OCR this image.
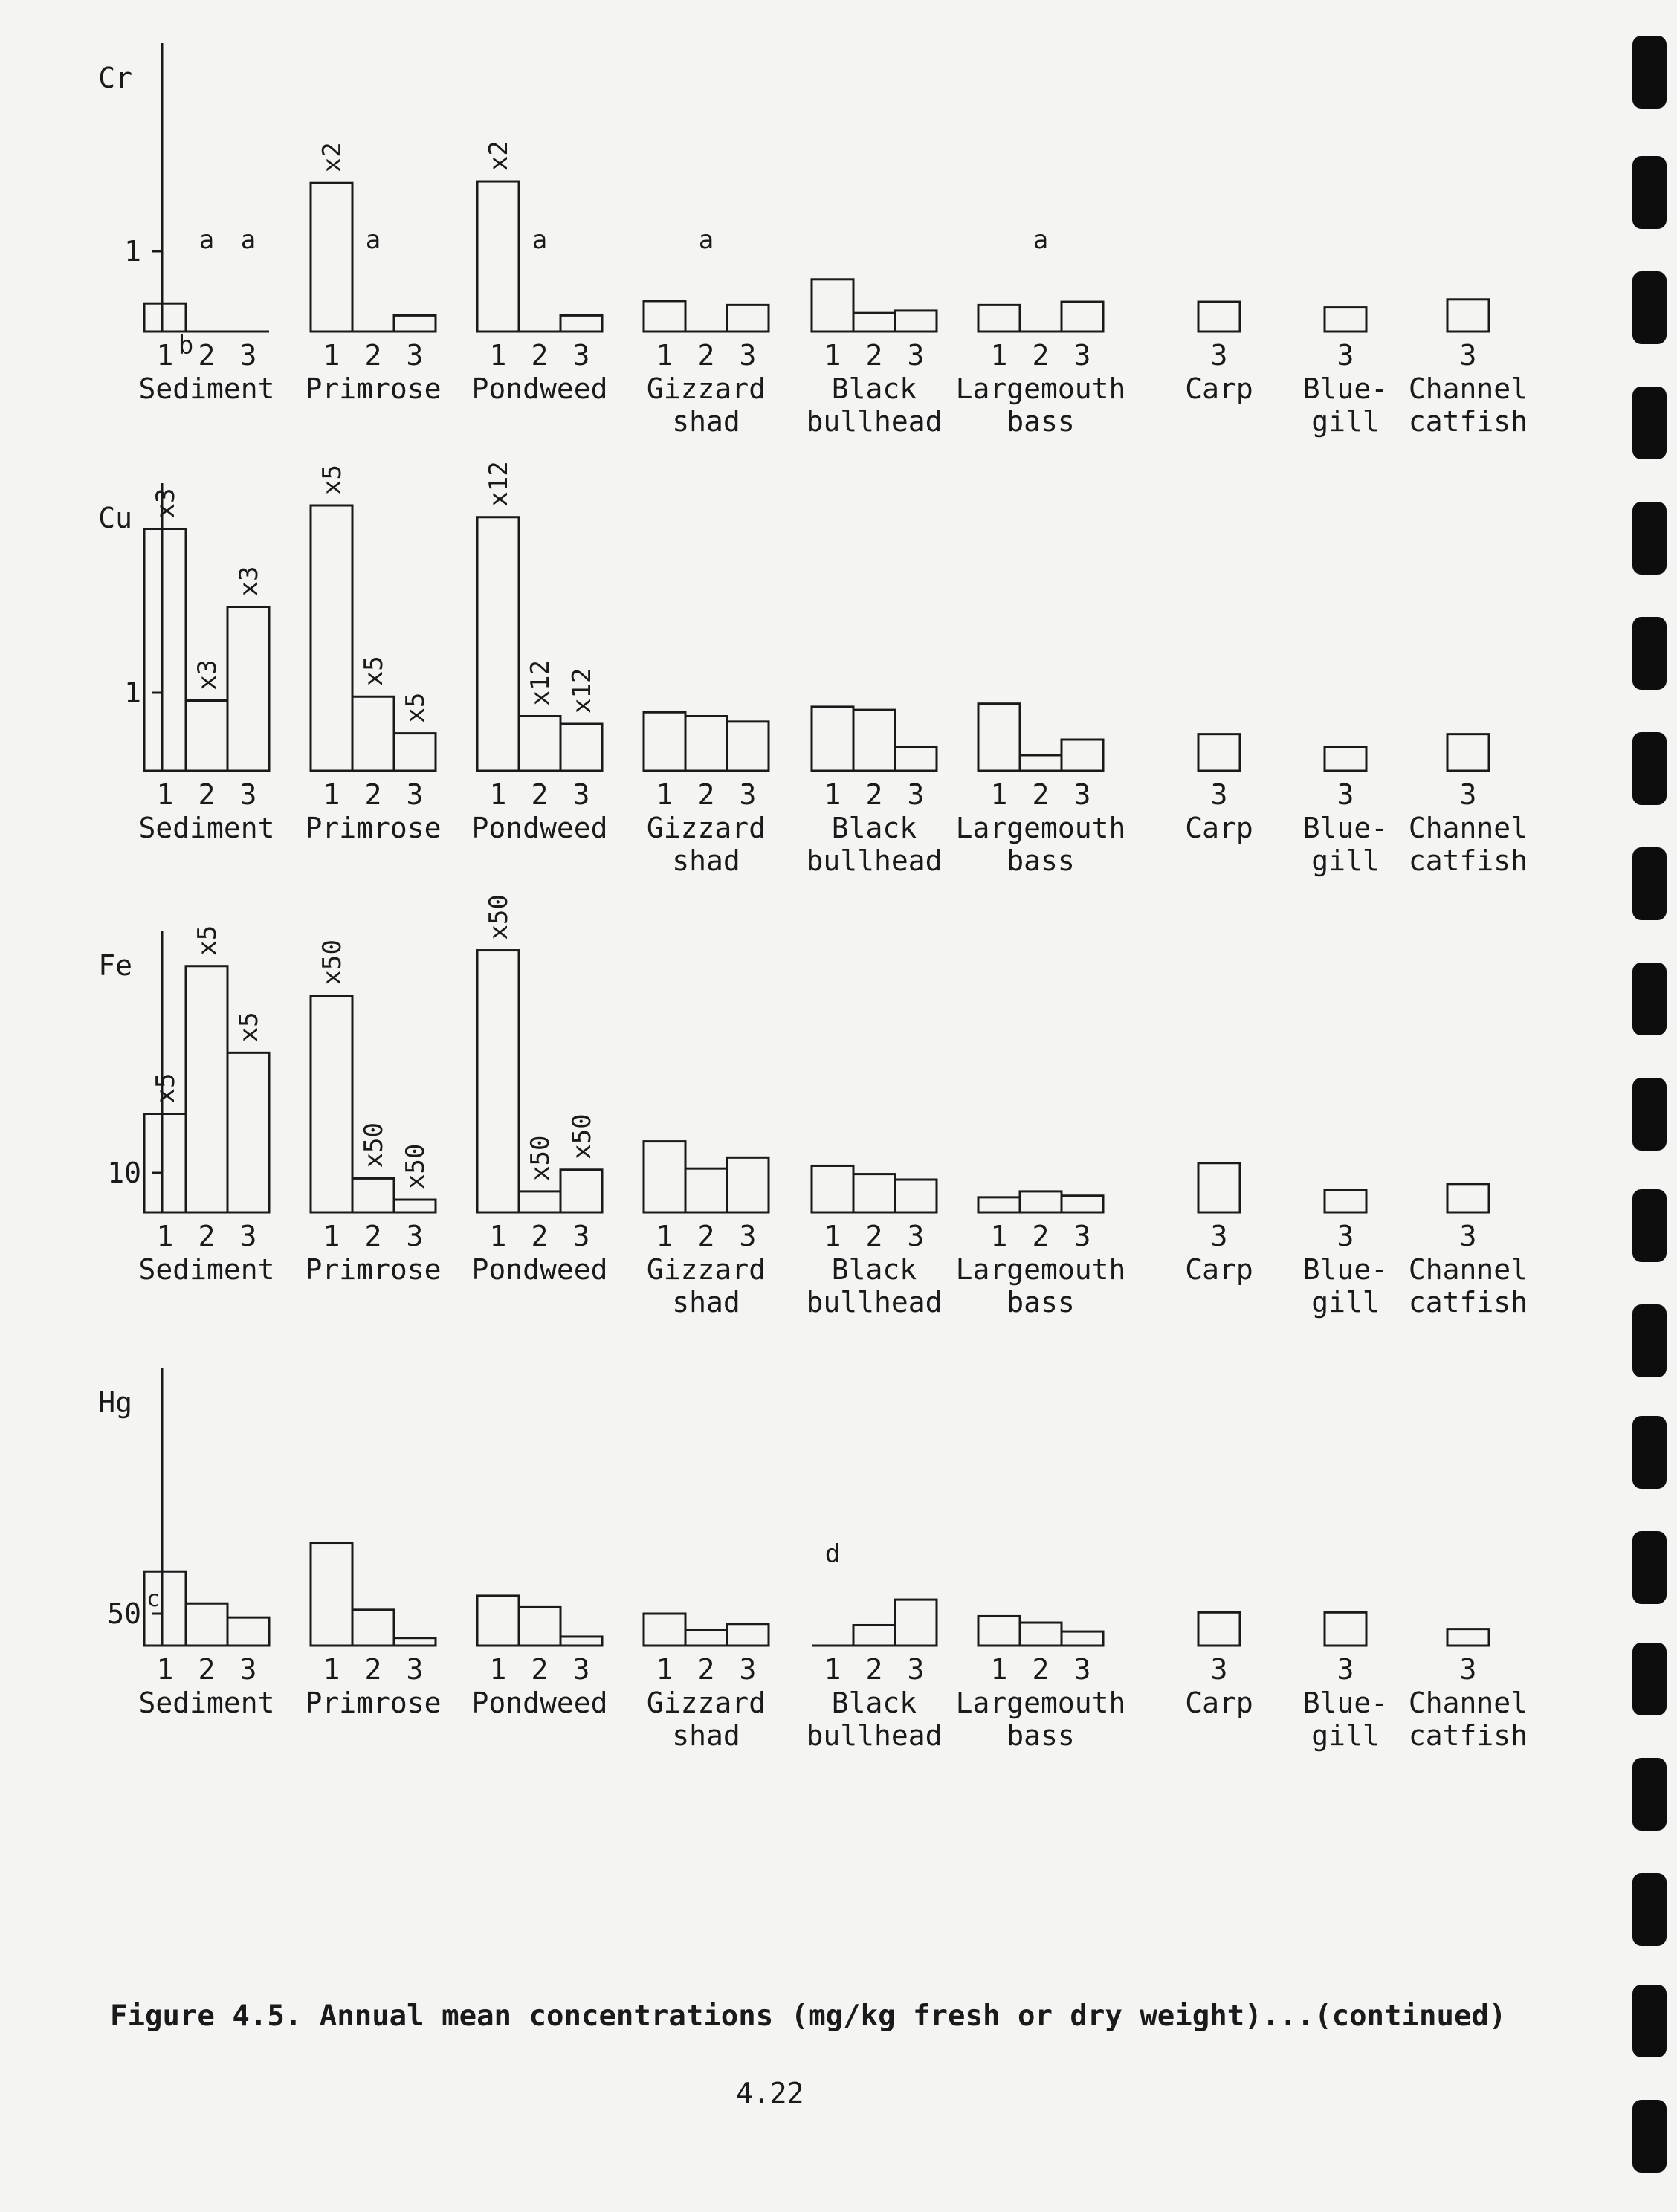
Cr
1
1 2
a
3
a
b
Sediment
1
x2
2
a
3
Primrose
1
x2
2
a
3
Pondweed
1 2
a
3
Gizzard
shad
1 2 3
Black
bullhead
1 2
a
3
Largemouth
bass
3
Carp
3
Blue-
gill
3
Channel
catfish
Cu
1
1
x3
2
x3
3
x3
Sediment
1
x5
2
x5
3
x5
Primrose
1
x12
2
x12
3
x12
Pondweed
1 2 3
Gizzard
shad
1 2 3
Black
bullhead
1 2 3
Largemouth
bass
3
Carp
3
Blue-
gill
3
Channel
catfish
Fe
10
1
x5
2
x5
3
x5
Sediment
1
x50
2
x50
3
x50
Primrose
1
x50
2
x50
3
x50
Pondweed
1 2 3
Gizzard
shad
1 2 3
Black
bullhead
1 2 3
Largemouth
bass
3
Carp
3
Blue-
gill
3
Channel
catfish
Hg
50 c
1 2 3
Sediment
1 2 3
Primrose
1 2 3
Pondweed
1 2 3
Gizzard
shad
1
d
2 3
Black
bullhead
1 2 3
Largemouth
bass
3
Carp
3
Blue-
gill
3
Channel
catfish
Figure 4.5. Annual mean concentrations (mg/kg fresh or dry weight)...(continued)
4.22
